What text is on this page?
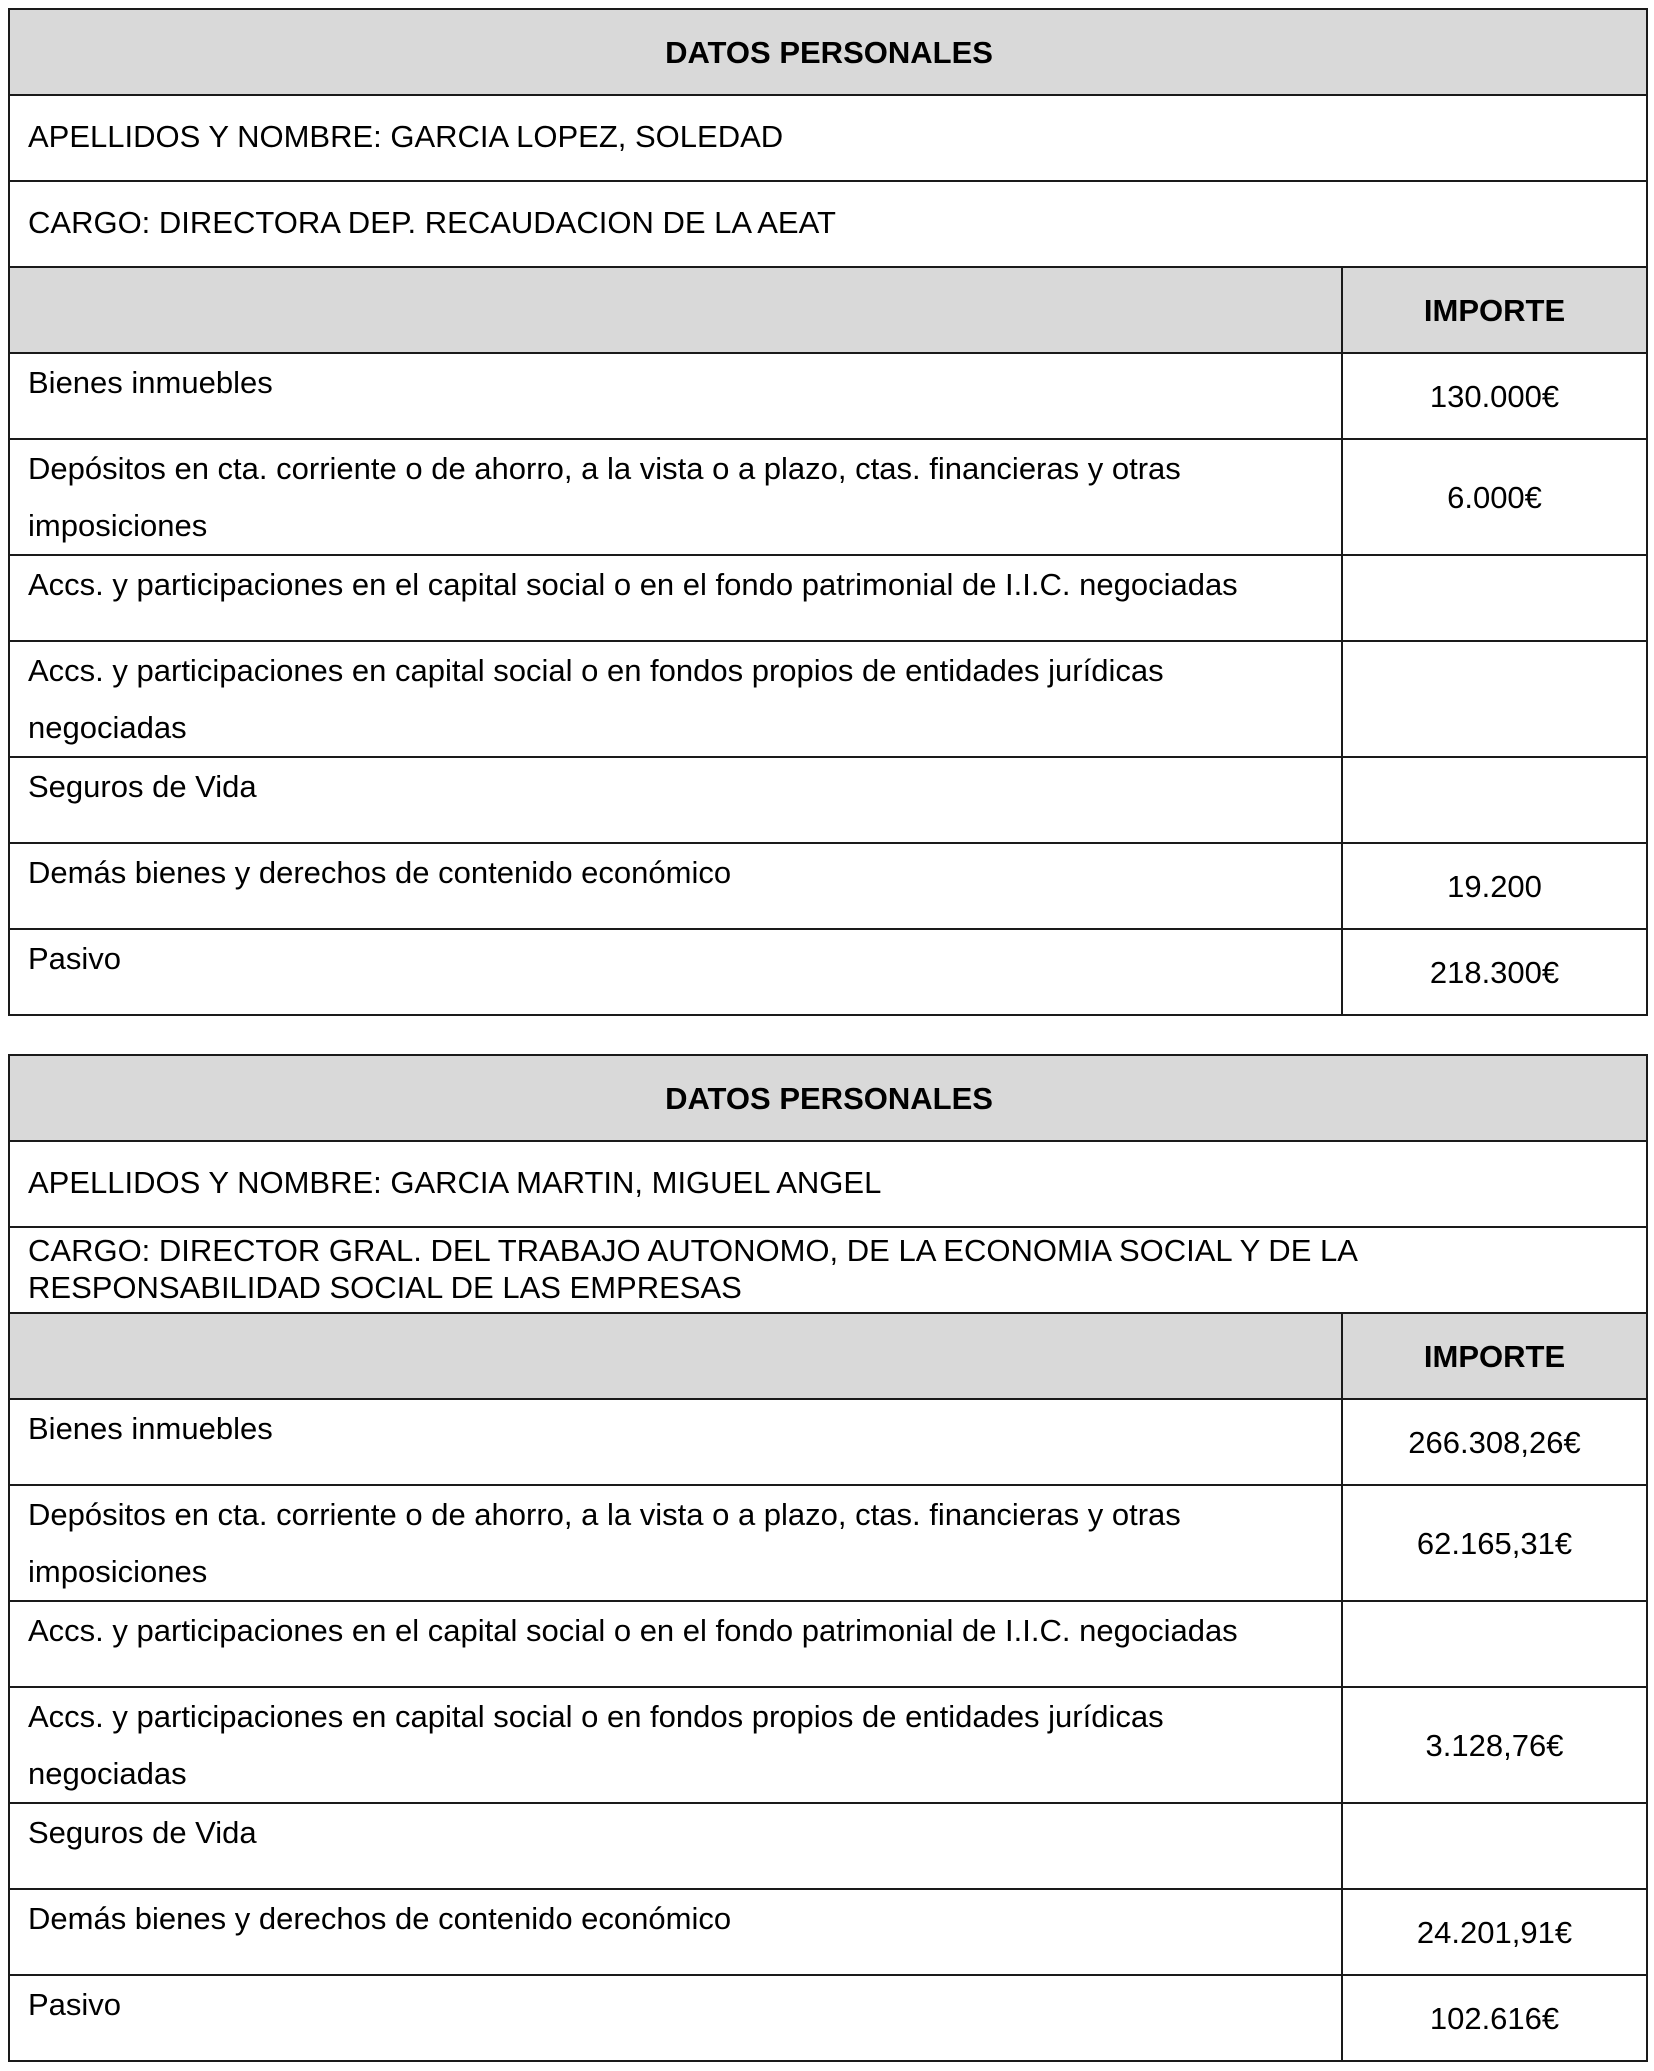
DATOS PERSONALES	
APELLIDOS Y NOMBRE: GARCIA LOPEZ, SOLEDAD	
CARGO: DIRECTORA DEP. RECAUDACION DE LA AEAT	
	IMPORTE
Bienes inmuebles	130.000€
Depósitos en cta. corriente o de ahorro, a la vista o a plazo, ctas. financieras y otras imposiciones	6.000€
Accs. y participaciones en el capital social o en el fondo patrimonial de I.I.C. negociadas	
Accs. y participaciones en capital social o en fondos propios de entidades jurídicas negociadas	
Seguros de Vida	
Demás bienes y derechos de contenido económico	19.200
Pasivo	218.300€
DATOS PERSONALES	
APELLIDOS Y NOMBRE: GARCIA MARTIN, MIGUEL ANGEL	
CARGO: DIRECTOR GRAL. DEL TRABAJO AUTONOMO, DE LA ECONOMIA SOCIAL Y DE LA RESPONSABILIDAD SOCIAL DE LAS EMPRESAS	
	IMPORTE
Bienes inmuebles	266.308,26€
Depósitos en cta. corriente o de ahorro, a la vista o a plazo, ctas. financieras y otras imposiciones	62.165,31€
Accs. y participaciones en el capital social o en el fondo patrimonial de I.I.C. negociadas	
Accs. y participaciones en capital social o en fondos propios de entidades jurídicas negociadas	3.128,76€
Seguros de Vida	
Demás bienes y derechos de contenido económico	24.201,91€
Pasivo	102.616€
